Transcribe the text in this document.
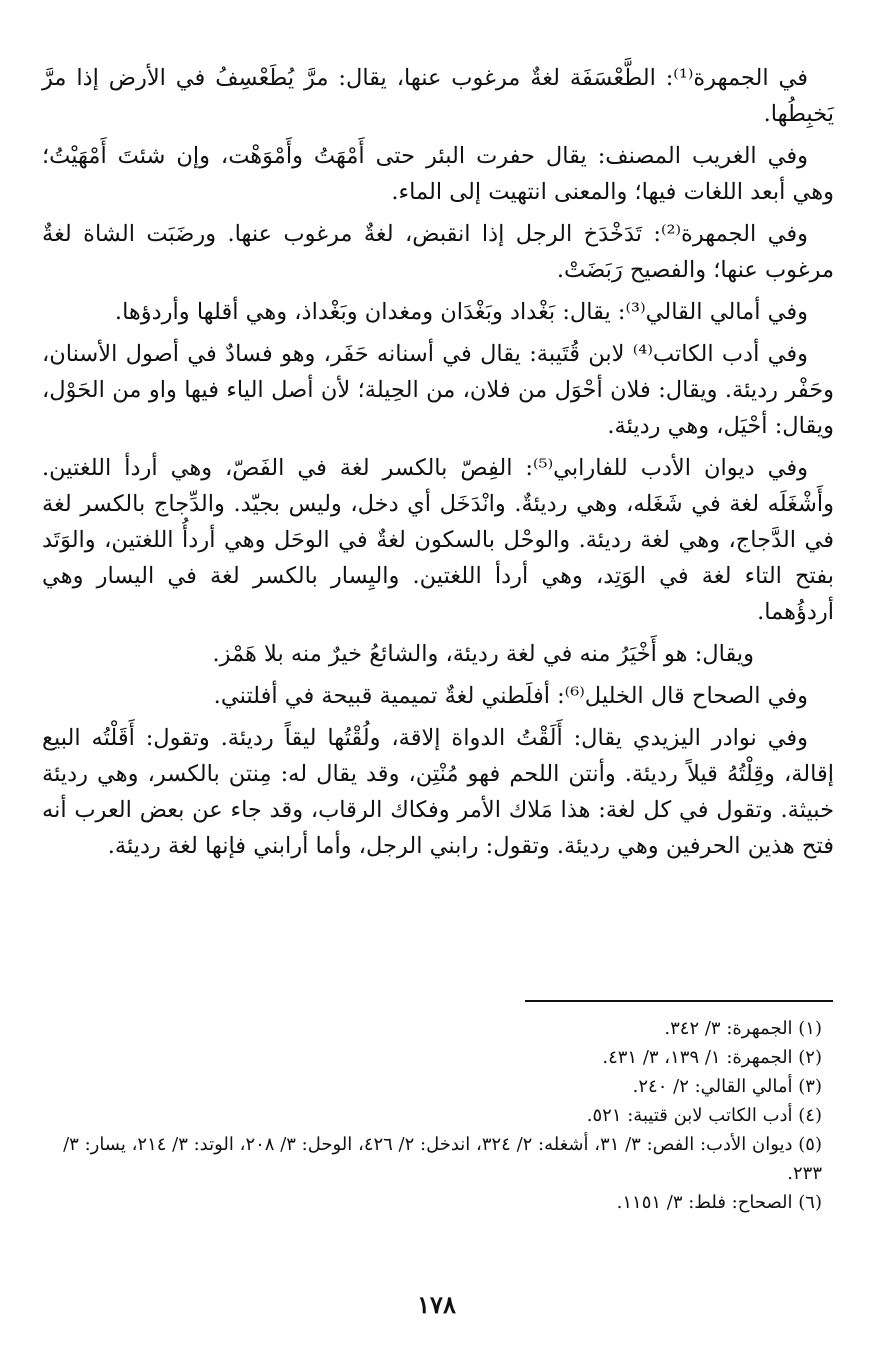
في الجمهرة⁽¹⁾: الطَّعْسَفَة لغةٌ مرغوب عنها، يقال: مرَّ يُطَعْسِفُ في الأرض إذا مرَّ يَخبِطُها.

وفي الغريب المصنف: يقال حفرت البئر حتى أَمْهَتُ وأَمْوَهْت، وإن شئتَ أَمْهَيْتُ؛ وهي أبعد اللغات فيها؛ والمعنى انتهيت إلى الماء.

وفي الجمهرة⁽²⁾: تَدَخْدَخ الرجل إذا انقبض، لغةٌ مرغوب عنها. ورضَبَت الشاة لغةٌ مرغوب عنها؛ والفصيح رَبَضَتْ.

وفي أمالي القالي⁽³⁾: يقال: بَغْداد وبَغْدَان ومغدان وبَغْداذ، وهي أقلها وأردؤها.

وفي أدب الكاتب⁽⁴⁾ لابن قُتَيبة: يقال في أسنانه حَفَر، وهو فسادٌ في أصول الأسنان، وحَفْر رديئة. ويقال: فلان أحْوَل من فلان، من الحِيلة؛ لأن أصل الياء فيها واو من الحَوْل، ويقال: أحْيَل، وهي رديئة.

وفي ديوان الأدب للفارابي⁽⁵⁾: الفِصّ بالكسر لغة في الفَصّ، وهي أردأ اللغتين. وأَشْغَلَه لغة في شَغَله، وهي رديئةٌ. وانْدَخَل أي دخل، وليس بجيّد. والدِّجاج بالكسر لغة في الدَّجاج، وهي لغة رديئة. والوحْل بالسكون لغةٌ في الوحَل وهي أردأُ اللغتين، والوَتَد بفتح التاء لغة في الوَتِد، وهي أردأ اللغتين. واليِسار بالكسر لغة في اليسار وهي أردؤُهما.

ويقال: هو أَخْيَرُ منه في لغة رديئة، والشائعُ خيرٌ منه بلا هَمْز.

وفي الصحاح قال الخليل⁽⁶⁾: أفلَطني لغةٌ تميمية قبيحة في أفلتني.

وفي نوادر اليزيدي يقال: أَلَقْتُ الدواة إلاقة، ولُقْتُها ليقاً رديئة. وتقول: أَقَلْتُه البيع إقالة، وقِلْتُهُ قيلاً رديئة. وأنتن اللحم فهو مُنْتِن، وقد يقال له: مِنتن بالكسر، وهي رديئة خبيثة. وتقول في كل لغة: هذا مَلاك الأمر وفكاك الرقاب، وقد جاء عن بعض العرب أنه فتح هذين الحرفين وهي رديئة. وتقول: رابني الرجل، وأما أرابني فإنها لغة رديئة.

(١) الجمهرة: ٣/ ٣٤٢.

(٢) الجمهرة: ١/ ١٣٩، ٣/ ٤٣١.

(٣) أمالي القالي: ٢/ ٢٤٠.

(٤) أدب الكاتب لابن قتيبة: ٥٢١.

(٥) ديوان الأدب: الفص: ٣/ ٣١، أشغله: ٢/ ٣٢٤، اندخل: ٢/ ٤٢٦، الوحل: ٣/ ٢٠٨، الوتد: ٣/ ٢١٤، يسار: ٣/ ٢٣٣.

(٦) الصحاح: فلط: ٣/ ١١٥١.

١٧٨
